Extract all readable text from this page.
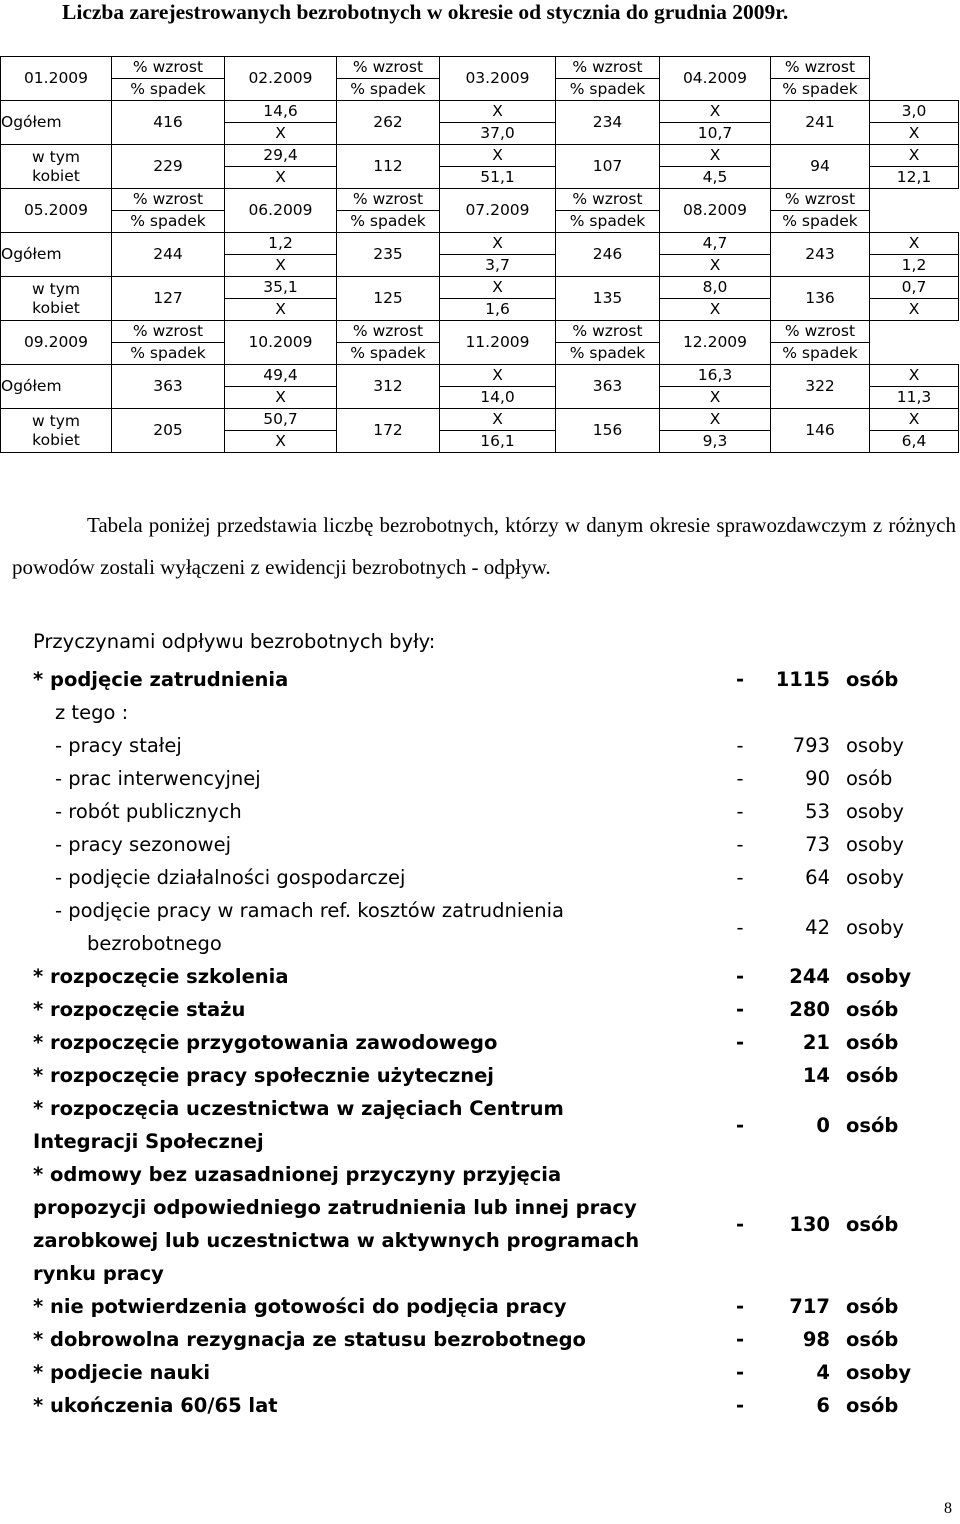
Liczba zarejestrowanych bezrobotnych w okresie od stycznia do grudnia 2009r.
01.2009	% wzrost	02.2009	% wzrost	03.2009	% wzrost	04.2009	% wzrost	
	% spadek		% spadek		% spadek		% spadek	
Ogółem	416	14,6	262	X	234	X	241	3,0
		X		37,0		10,7		X

w tym
kobiet	229	29,4	112	X	107	X	94	X
		X		51,1		4,5		12,1
05.2009	% wzrost	06.2009	% wzrost	07.2009	% wzrost	08.2009	% wzrost	
	% spadek		% spadek		% spadek		% spadek	
Ogółem	244	1,2	235	X	246	4,7	243	X
		X		3,7		X		1,2

w tym
kobiet	127	35,1	125	X	135	8,0	136	0,7
		X		1,6		X		X
09.2009	% wzrost	10.2009	% wzrost	11.2009	% wzrost	12.2009	% wzrost	
	% spadek		% spadek		% spadek		% spadek	
Ogółem	363	49,4	312	X	363	16,3	322	X
		X		14,0		X		11,3

w tym
kobiet	205	50,7	172	X	156	X	146	X
		X		16,1		9,3		6,4

Tabela poniżej przedstawia liczbę bezrobotnych, którzy w danym okresie sprawozdawczym z różnych powodów zostali wyłączeni z ewidencji bezrobotnych - odpływ.

Przyczynami odpływu bezrobotnych były:
* podjęcie zatrudnienia	-	1115 osób
z tego :
- pracy stałej	-	793 osoby
- prac interwencyjnej	-	90 osób
- robót publicznych	-	53 osoby
- pracy sezonowej	-	73 osoby
- podjęcie działalności gospodarczej	-	64 osoby
- podjęcie pracy w ramach ref. kosztów zatrudnienia
bezrobotnego
-	42 osoby
* rozpoczęcie szkolenia	-	244 osoby
* rozpoczęcie stażu	-	280 osób
* rozpoczęcie przygotowania zawodowego	-	21 osób
* rozpoczęcie pracy społecznie użytecznej	14 osób
* rozpoczęcia uczestnictwa w zajęciach Centrum
Integracji Społecznej
-	0 osób
* odmowy bez uzasadnionej przyczyny przyjęcia
propozycji odpowiedniego zatrudnienia lub innej pracy
zarobkowej lub uczestnictwa w aktywnych programach
rynku pracy
-	130 osób
* nie potwierdzenia gotowości do podjęcia pracy	-	717 osób
* dobrowolna rezygnacja ze statusu bezrobotnego	-	98 osób
* podjecie nauki	-	4 osoby
* ukończenia 60/65 lat	-	6 osób
8
